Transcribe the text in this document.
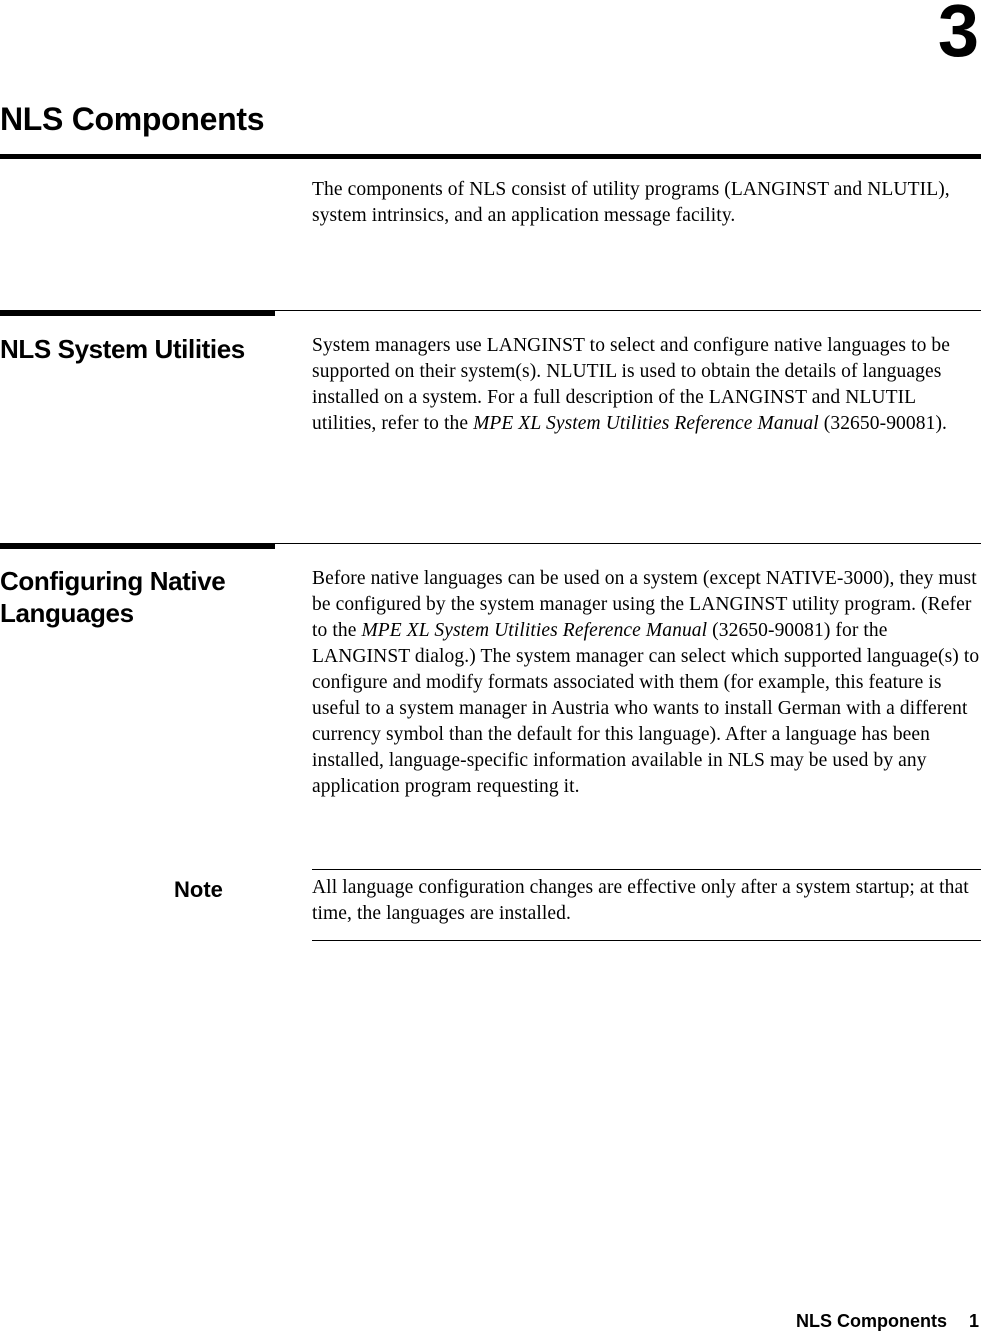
3
NLS Components

The components of NLS consist of utility programs (LANGINST and NLUTIL), system intrinsics, and an application message facility.

NLS System Utilities	System managers use LANGINST to select and configure native languages to be supported on their system(s). NLUTIL is used to obtain the details of languages installed on a system. For a full description of the LANGINST and NLUTIL utilities, refer to the MPE XL System Utilities Reference Manual (32650-90081).

Configuring Native Languages

Before native languages can be used on a system (except NATIVE-3000), they must be configured by the system manager using the LANGINST utility program. (Refer to the MPE XL System Utilities Reference Manual (32650-90081) for the LANGINST dialog.) The system manager can select which supported language(s) to configure and modify formats associated with them (for example, this feature is useful to a system manager in Austria who wants to install German with a different currency symbol than the default for this language). After a language has been installed, language-specific information available in NLS may be used by any application program requesting it.

Note	All language configuration changes are effective only after a system startup; at that time, the languages are installed.

NLS Components 1
